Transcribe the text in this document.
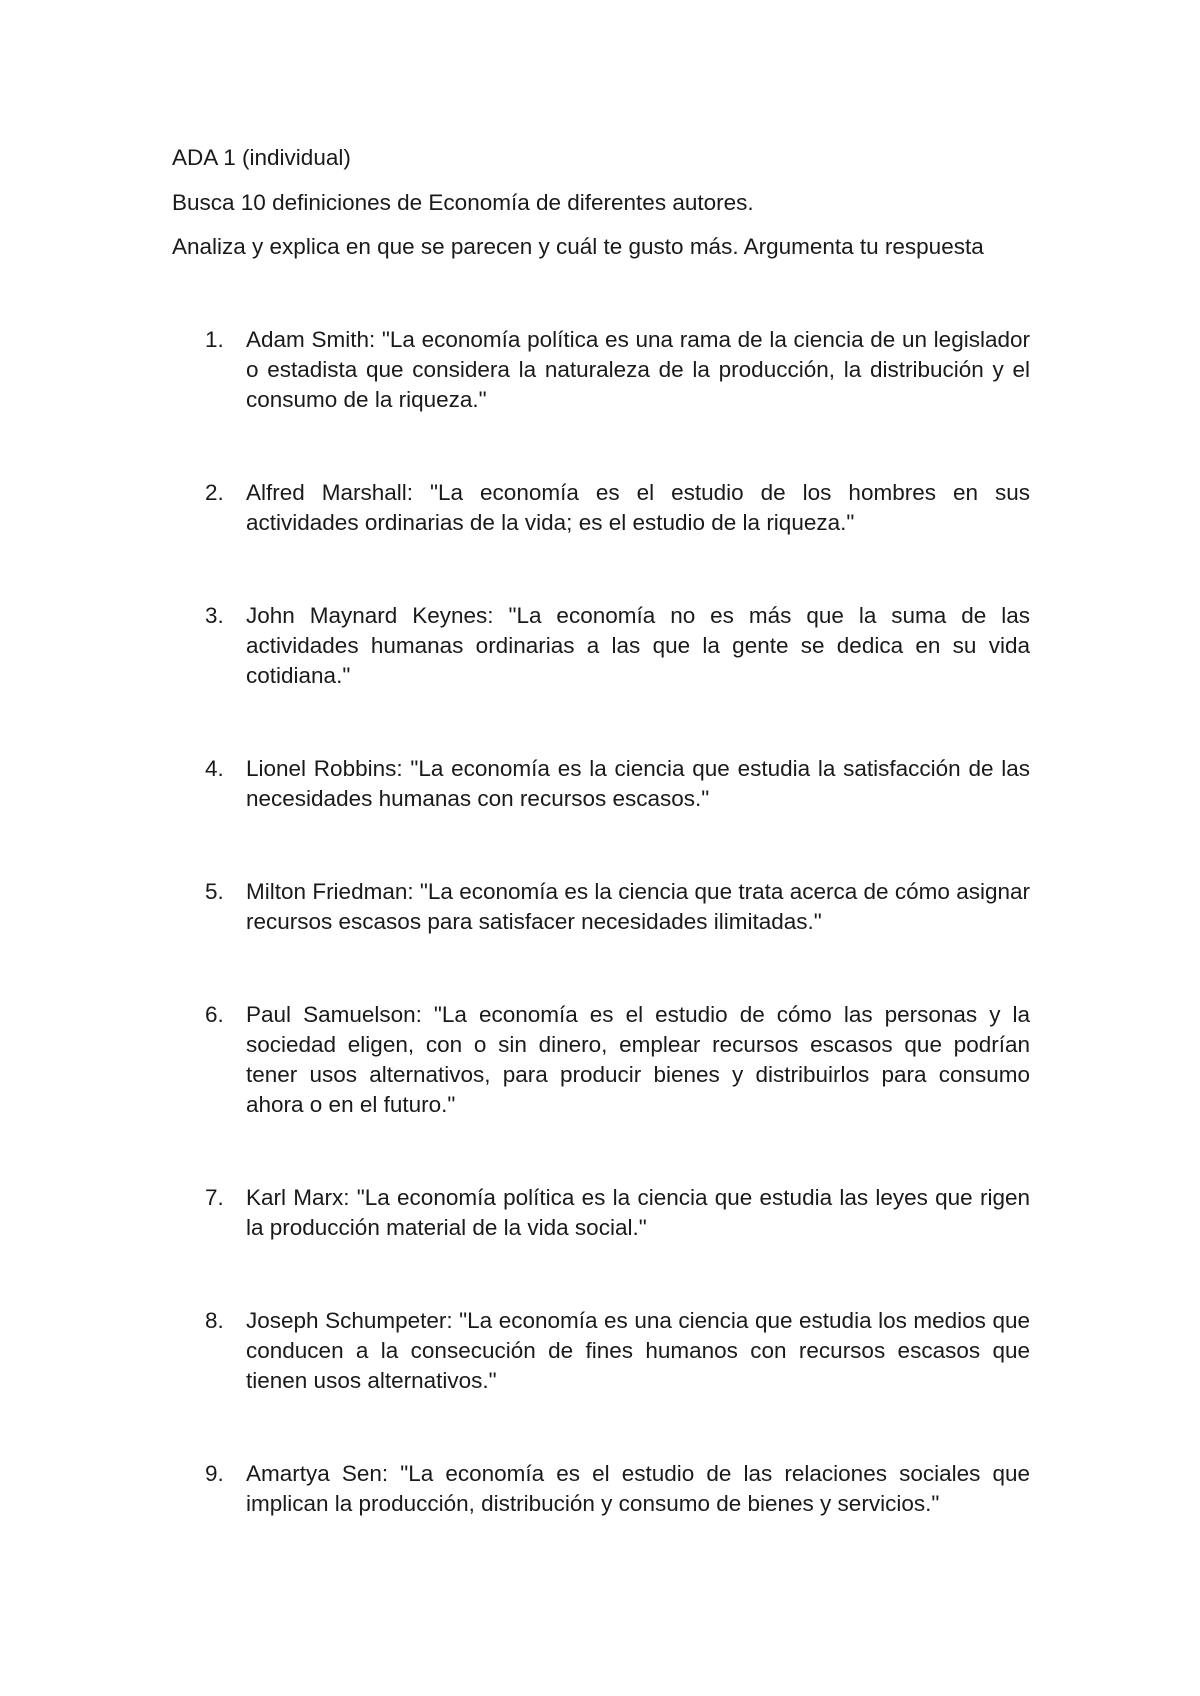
ADA 1 (individual)

Busca 10 definiciones de Economía de diferentes autores.

Analiza y explica en que se parecen y cuál te gusto más. Argumenta tu respuesta

1. Adam Smith: "La economía política es una rama de la ciencia de un legislador o estadista que considera la naturaleza de la producción, la distribución y el consumo de la riqueza."
2. Alfred Marshall: "La economía es el estudio de los hombres en sus actividades ordinarias de la vida; es el estudio de la riqueza."
3. John Maynard Keynes: "La economía no es más que la suma de las actividades humanas ordinarias a las que la gente se dedica en su vida cotidiana."
4. Lionel Robbins: "La economía es la ciencia que estudia la satisfacción de las necesidades humanas con recursos escasos."
5. Milton Friedman: "La economía es la ciencia que trata acerca de cómo asignar recursos escasos para satisfacer necesidades ilimitadas."
6. Paul Samuelson: "La economía es el estudio de cómo las personas y la sociedad eligen, con o sin dinero, emplear recursos escasos que podrían tener usos alternativos, para producir bienes y distribuirlos para consumo ahora o en el futuro."
7. Karl Marx: "La economía política es la ciencia que estudia las leyes que rigen la producción material de la vida social."
8. Joseph Schumpeter: "La economía es una ciencia que estudia los medios que conducen a la consecución de fines humanos con recursos escasos que tienen usos alternativos."
9. Amartya Sen: "La economía es el estudio de las relaciones sociales que implican la producción, distribución y consumo de bienes y servicios."
